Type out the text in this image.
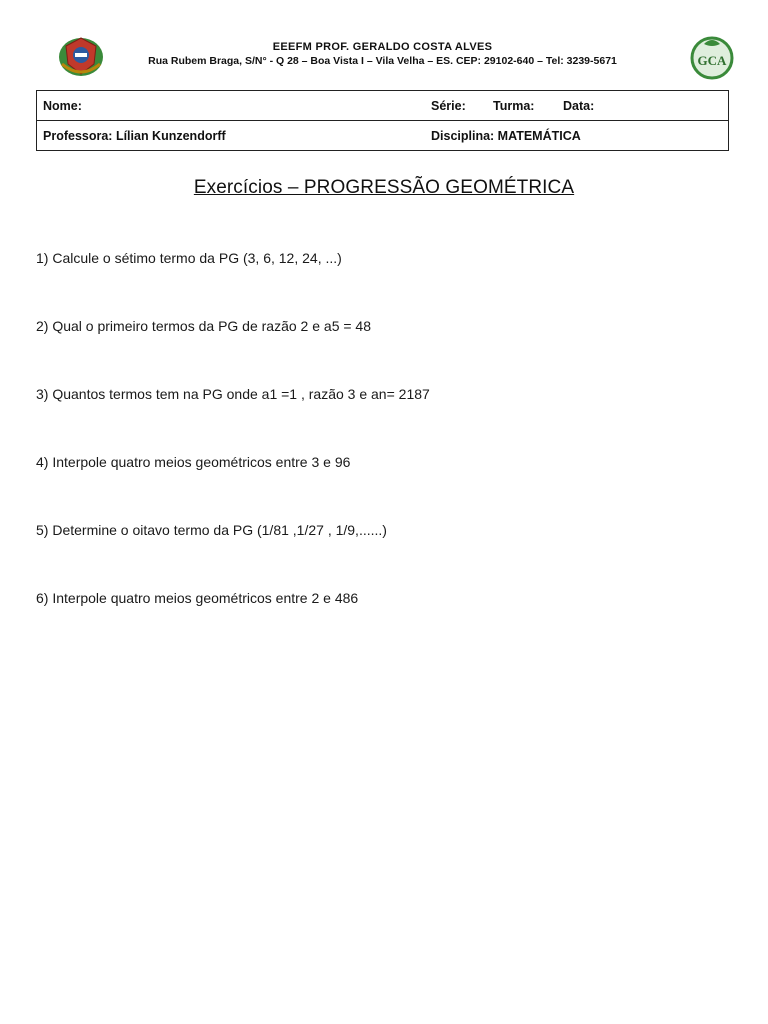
EEEFM PROF. GERALDO COSTA ALVES
Rua Rubem Braga, S/N° - Q 28 – Boa Vista I – Vila Velha – ES. CEP: 29102-640 – Tel: 3239-5671	GCA
Nome:	Série: Turma: Data:
Professora: Lílian Kunzendorff	Disciplina: MATEMÁTICA
Exercícios – PROGRESSÃO GEOMÉTRICA
1) Calcule o sétimo termo da PG (3, 6, 12, 24, ...)
2) Qual o primeiro termos da PG de razão 2 e a5 = 48
3) Quantos termos tem na PG onde a1 =1 , razão 3 e an= 2187
4) Interpole quatro meios geométricos entre 3 e 96
5) Determine o oitavo termo da PG (1/81 ,1/27 , 1/9,......)
6) Interpole quatro meios geométricos entre 2 e 486
